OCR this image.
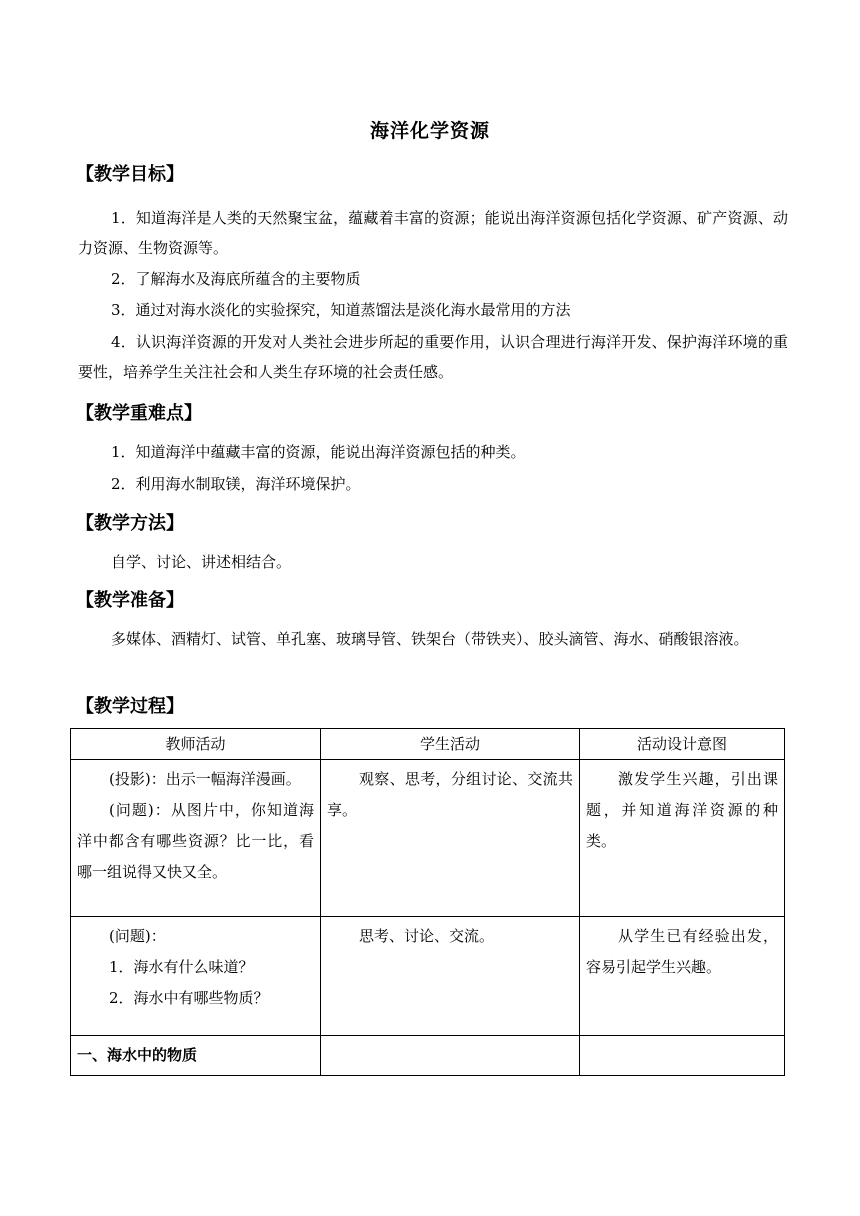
海洋化学资源
【教学目标】
1．知道海洋是人类的天然聚宝盆，蕴藏着丰富的资源；能说出海洋资源包括化学资源、矿产资源、动力资源、生物资源等。
2．了解海水及海底所蕴含的主要物质
3．通过对海水淡化的实验探究，知道蒸馏法是淡化海水最常用的方法
4．认识海洋资源的开发对人类社会进步所起的重要作用，认识合理进行海洋开发、保护海洋环境的重要性，培养学生关注社会和人类生存环境的社会责任感。
【教学重难点】
1．知道海洋中蕴藏丰富的资源，能说出海洋资源包括的种类。
2．利用海水制取镁，海洋环境保护。
【教学方法】
自学、讨论、讲述相结合。
【教学准备】
多媒体、酒精灯、试管、单孔塞、玻璃导管、铁架台（带铁夹）、胶头滴管、海水、硝酸银溶液。
【教学过程】
教师活动	学生活动	活动设计意图

(投影)：出示一幅海洋漫画。

(问题)：从图片中，你知道海洋中都含有哪些资源？比一比，看哪一组说得又快又全。	观察、思考，分组讨论、交流共享。	激发学生兴趣，引出课题，并知道海洋资源的种类。

(问题)：

1．海水有什么味道？

2．海水中有哪些物质？	思考、讨论、交流。	从学生已有经验出发，容易引起学生兴趣。

一、海水中的物质		
